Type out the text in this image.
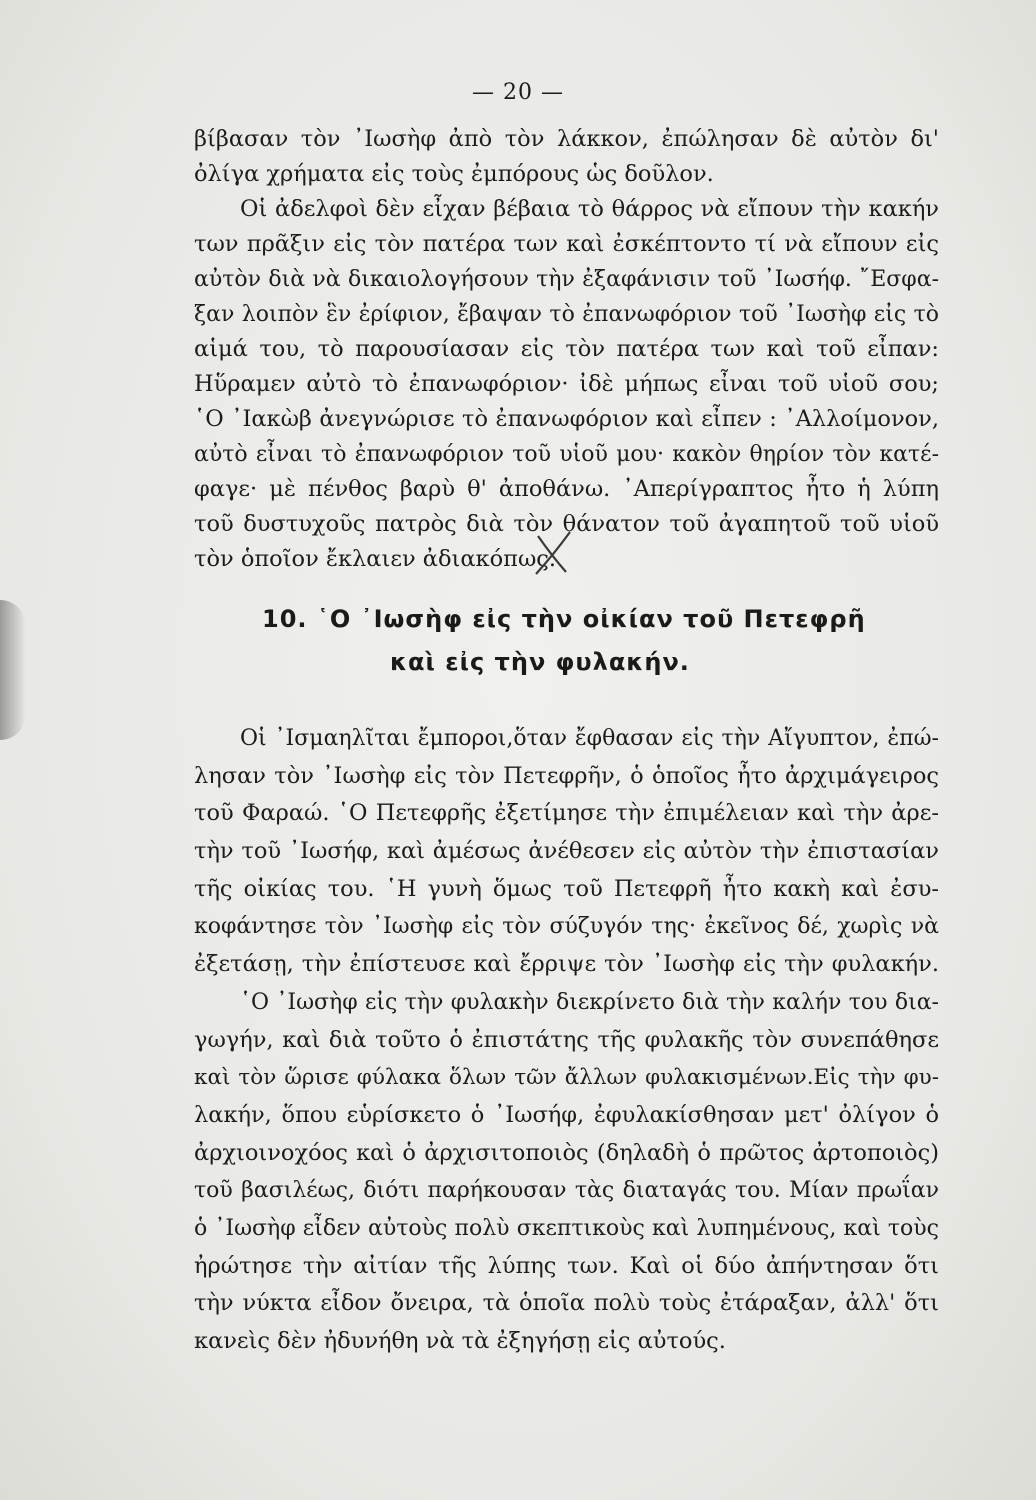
— 20 —
βίβασαν τὸν ᾿Ιωσὴφ ἀπὸ τὸν λάκκον, ἐπώλησαν δὲ αὐτὸν δι'
ὀλίγα χρήματα εἰς τοὺς ἐμπόρους ὡς δοῦλον.
Οἱ ἀδελφοὶ δὲν εἶχαν βέβαια τὸ θάρρος νὰ εἴπουν τὴν κακήν
των πρᾶξιν εἰς τὸν πατέρα των καὶ ἐσκέπτοντο τί νὰ εἴπουν εἰς
αὐτὸν διὰ νὰ δικαιολογήσουν τὴν ἐξαφάνισιν τοῦ ᾿Ιωσήφ. ῎Εσφα-
ξαν λοιπὸν ἓν ἐρίφιον, ἔβαψαν τὸ ἐπανωφόριον τοῦ ᾿Ιωσὴφ εἰς τὸ
αἱμά του, τὸ παρουσίασαν εἰς τὸν πατέρα των καὶ τοῦ εἶπαν:
Ηὕραμεν αὐτὸ τὸ ἐπανωφόριον· ἰδὲ μήπως εἶναι τοῦ υἱοῦ σου;
῾Ο ᾿Ιακὼβ ἀνεγνώρισε τὸ ἐπανωφόριον καὶ εἶπεν : ᾿Αλλοίμονον,
αὐτὸ εἶναι τὸ ἐπανωφόριον τοῦ υἱοῦ μου· κακὸν θηρίον τὸν κατέ-
φαγε· μὲ πένθος βαρὺ θ' ἀποθάνω. ᾿Απερίγραπτος ἦτο ἡ λύπη
τοῦ δυστυχοῦς πατρὸς διὰ τὸν θάνατον τοῦ ἀγαπητοῦ τοῦ υἱοῦ
τὸν ὁποῖον ἔκλαιεν ἀδιακόπως.
10. ῾Ο ᾿Ιωσὴφ εἰς τὴν οἰκίαν τοῦ Πετεφρῆ
καὶ εἰς τὴν φυλακήν.
Οἱ ᾿Ισμαηλῖται ἔμποροι,ὅταν ἔφθασαν εἰς τὴν Αἴγυπτον, ἐπώ-
λησαν τὸν ᾿Ιωσὴφ εἰς τὸν Πετεφρῆν, ὁ ὁποῖος ἦτο ἀρχιμάγειρος
τοῦ Φαραώ. ῾Ο Πετεφρῆς ἐξετίμησε τὴν ἐπιμέλειαν καὶ τὴν ἀρε-
τὴν τοῦ ᾿Ιωσήφ, καὶ ἀμέσως ἀνέθεσεν εἰς αὐτὸν τὴν ἐπιστασίαν
τῆς οἰκίας του. ῾Η γυνὴ ὅμως τοῦ Πετεφρῆ ἦτο κακὴ καὶ ἐσυ-
κοφάντησε τὸν ᾿Ιωσὴφ εἰς τὸν σύζυγόν της· ἐκεῖνος δέ, χωρὶς νὰ
ἐξετάσῃ, τὴν ἐπίστευσε καὶ ἔρριψε τὸν ᾿Ιωσὴφ εἰς τὴν φυλακήν.
῾Ο ᾿Ιωσὴφ εἰς τὴν φυλακὴν διεκρίνετο διὰ τὴν καλήν του δια-
γωγήν, καὶ διὰ τοῦτο ὁ ἐπιστάτης τῆς φυλακῆς τὸν συνεπάθησε
καὶ τὸν ὥρισε φύλακα ὅλων τῶν ἄλλων φυλακισμένων.Εἰς τὴν φυ-
λακήν, ὅπου εὑρίσκετο ὁ ᾿Ιωσήφ, ἐφυλακίσθησαν μετ' ὀλίγον ὁ
ἀρχιοινοχόος καὶ ὁ ἀρχισιτοποιὸς (δηλαδὴ ὁ πρῶτος ἀρτοποιὸς)
τοῦ βασιλέως, διότι παρήκουσαν τὰς διαταγάς του. Μίαν πρωΐαν
ὁ ᾿Ιωσὴφ εἶδεν αὐτοὺς πολὺ σκεπτικοὺς καὶ λυπημένους, καὶ τοὺς
ἠρώτησε τὴν αἰτίαν τῆς λύπης των. Καὶ οἱ δύο ἀπήντησαν ὅτι
τὴν νύκτα εἶδον ὄνειρα, τὰ ὁποῖα πολὺ τοὺς ἐτάραξαν, ἀλλ' ὅτι
κανεὶς δὲν ἠδυνήθη νὰ τὰ ἐξηγήσῃ εἰς αὐτούς.
